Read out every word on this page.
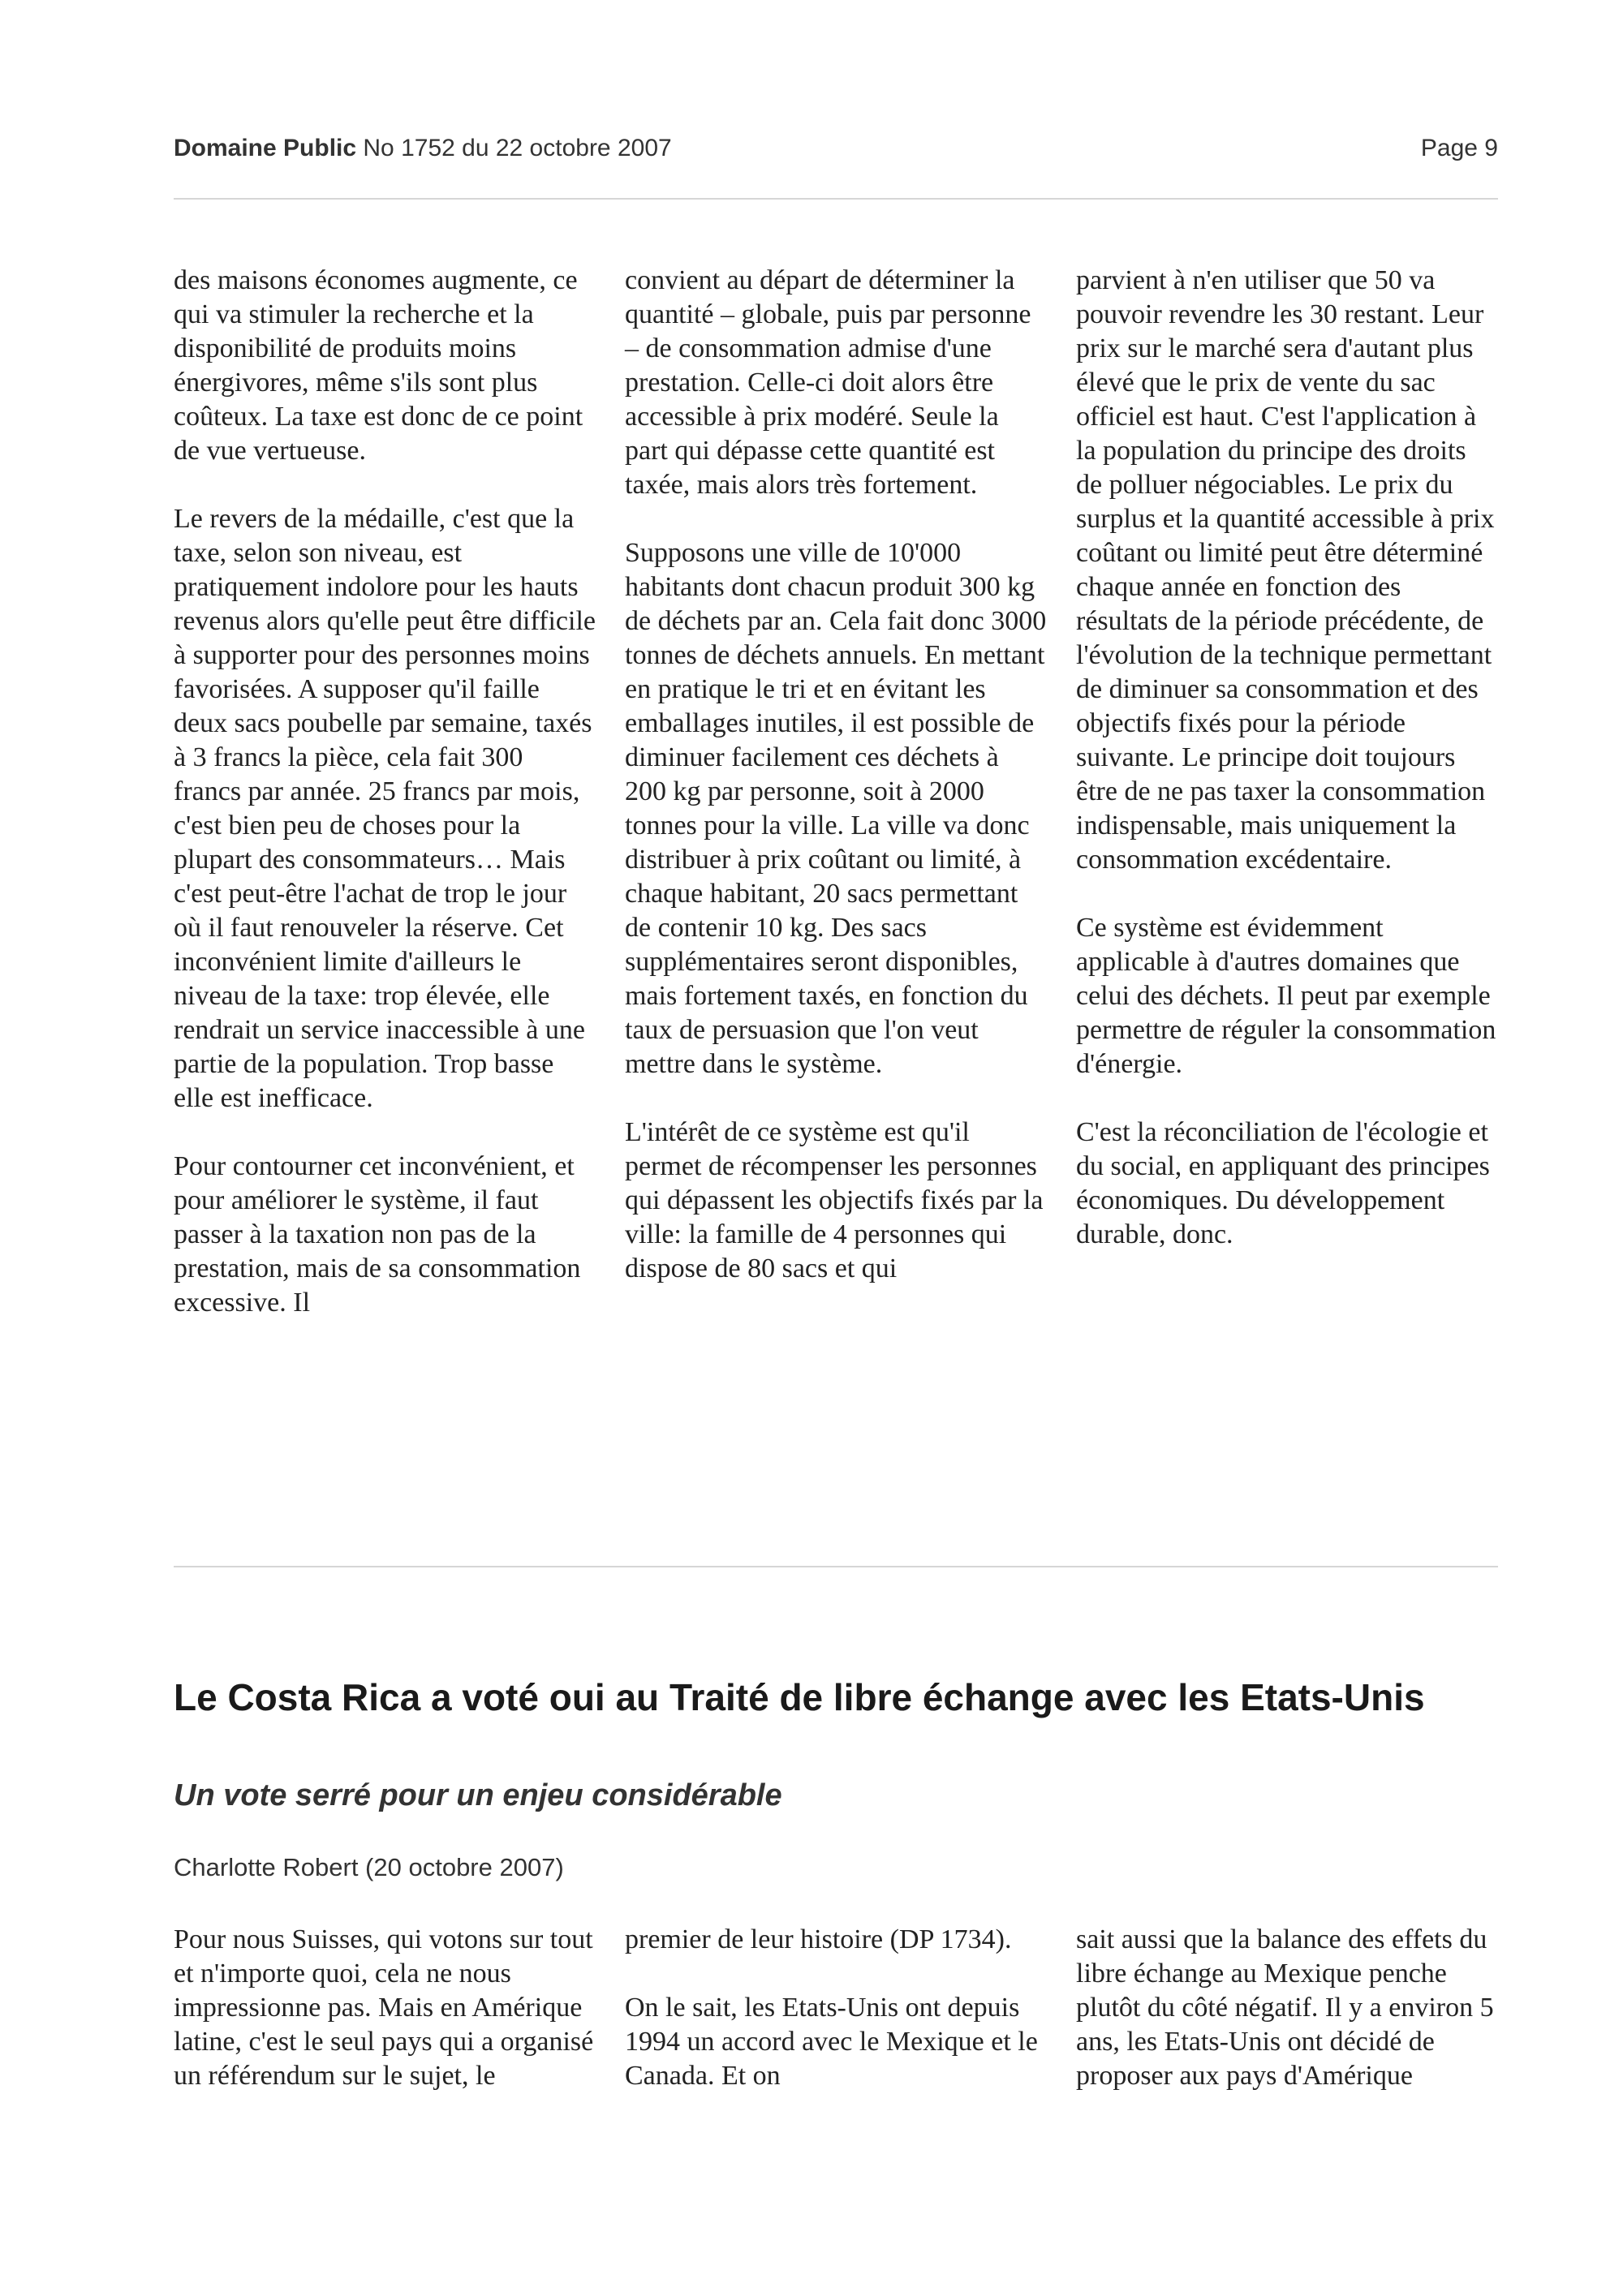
Domaine Public No 1752 du 22 octobre 2007	Page 9

des maisons économes augmente, ce qui va stimuler la recherche et la disponibilité de produits moins énergivores, même s'ils sont plus coûteux. La taxe est donc de ce point de vue vertueuse.

Le revers de la médaille, c'est que la taxe, selon son niveau, est pratiquement indolore pour les hauts revenus alors qu'elle peut être difficile à supporter pour des personnes moins favorisées. A supposer qu'il faille deux sacs poubelle par semaine, taxés à 3 francs la pièce, cela fait 300 francs par année. 25 francs par mois, c'est bien peu de choses pour la plupart des consommateurs… Mais c'est peut-être l'achat de trop le jour où il faut renouveler la réserve. Cet inconvénient limite d'ailleurs le niveau de la taxe: trop élevée, elle rendrait un service inaccessible à une partie de la population. Trop basse elle est inefficace.

Pour contourner cet inconvénient, et pour améliorer le système, il faut passer à la taxation non pas de la prestation, mais de sa consommation excessive. Il

convient au départ de déterminer la quantité – globale, puis par personne – de consommation admise d'une prestation. Celle-ci doit alors être accessible à prix modéré. Seule la part qui dépasse cette quantité est taxée, mais alors très fortement.

Supposons une ville de 10'000 habitants dont chacun produit 300 kg de déchets par an. Cela fait donc 3000 tonnes de déchets annuels. En mettant en pratique le tri et en évitant les emballages inutiles, il est possible de diminuer facilement ces déchets à 200 kg par personne, soit à 2000 tonnes pour la ville. La ville va donc distribuer à prix coûtant ou limité, à chaque habitant, 20 sacs permettant de contenir 10 kg. Des sacs supplémentaires seront disponibles, mais fortement taxés, en fonction du taux de persuasion que l'on veut mettre dans le système.

L'intérêt de ce système est qu'il permet de récompenser les personnes qui dépassent les objectifs fixés par la ville: la famille de 4 personnes qui dispose de 80 sacs et qui

parvient à n'en utiliser que 50 va pouvoir revendre les 30 restant. Leur prix sur le marché sera d'autant plus élevé que le prix de vente du sac officiel est haut. C'est l'application à la population du principe des droits de polluer négociables. Le prix du surplus et la quantité accessible à prix coûtant ou limité peut être déterminé chaque année en fonction des résultats de la période précédente, de l'évolution de la technique permettant de diminuer sa consommation et des objectifs fixés pour la période suivante. Le principe doit toujours être de ne pas taxer la consommation indispensable, mais uniquement la consommation excédentaire.

Ce système est évidemment applicable à d'autres domaines que celui des déchets. Il peut par exemple permettre de réguler la consommation d'énergie.

C'est la réconciliation de l'écologie et du social, en appliquant des principes économiques. Du développement durable, donc.

Le Costa Rica a voté oui au Traité de libre échange avec les Etats-Unis
Un vote serré pour un enjeu considérable

Charlotte Robert (20 octobre 2007)

Pour nous Suisses, qui votons sur tout et n'importe quoi, cela ne nous impressionne pas. Mais en Amérique latine, c'est le seul pays qui a organisé un référendum sur le sujet, le

premier de leur histoire (DP 1734).

On le sait, les Etats-Unis ont depuis 1994 un accord avec le Mexique et le Canada. Et on

sait aussi que la balance des effets du libre échange au Mexique penche plutôt du côté négatif. Il y a environ 5 ans, les Etats-Unis ont décidé de proposer aux pays d'Amérique
